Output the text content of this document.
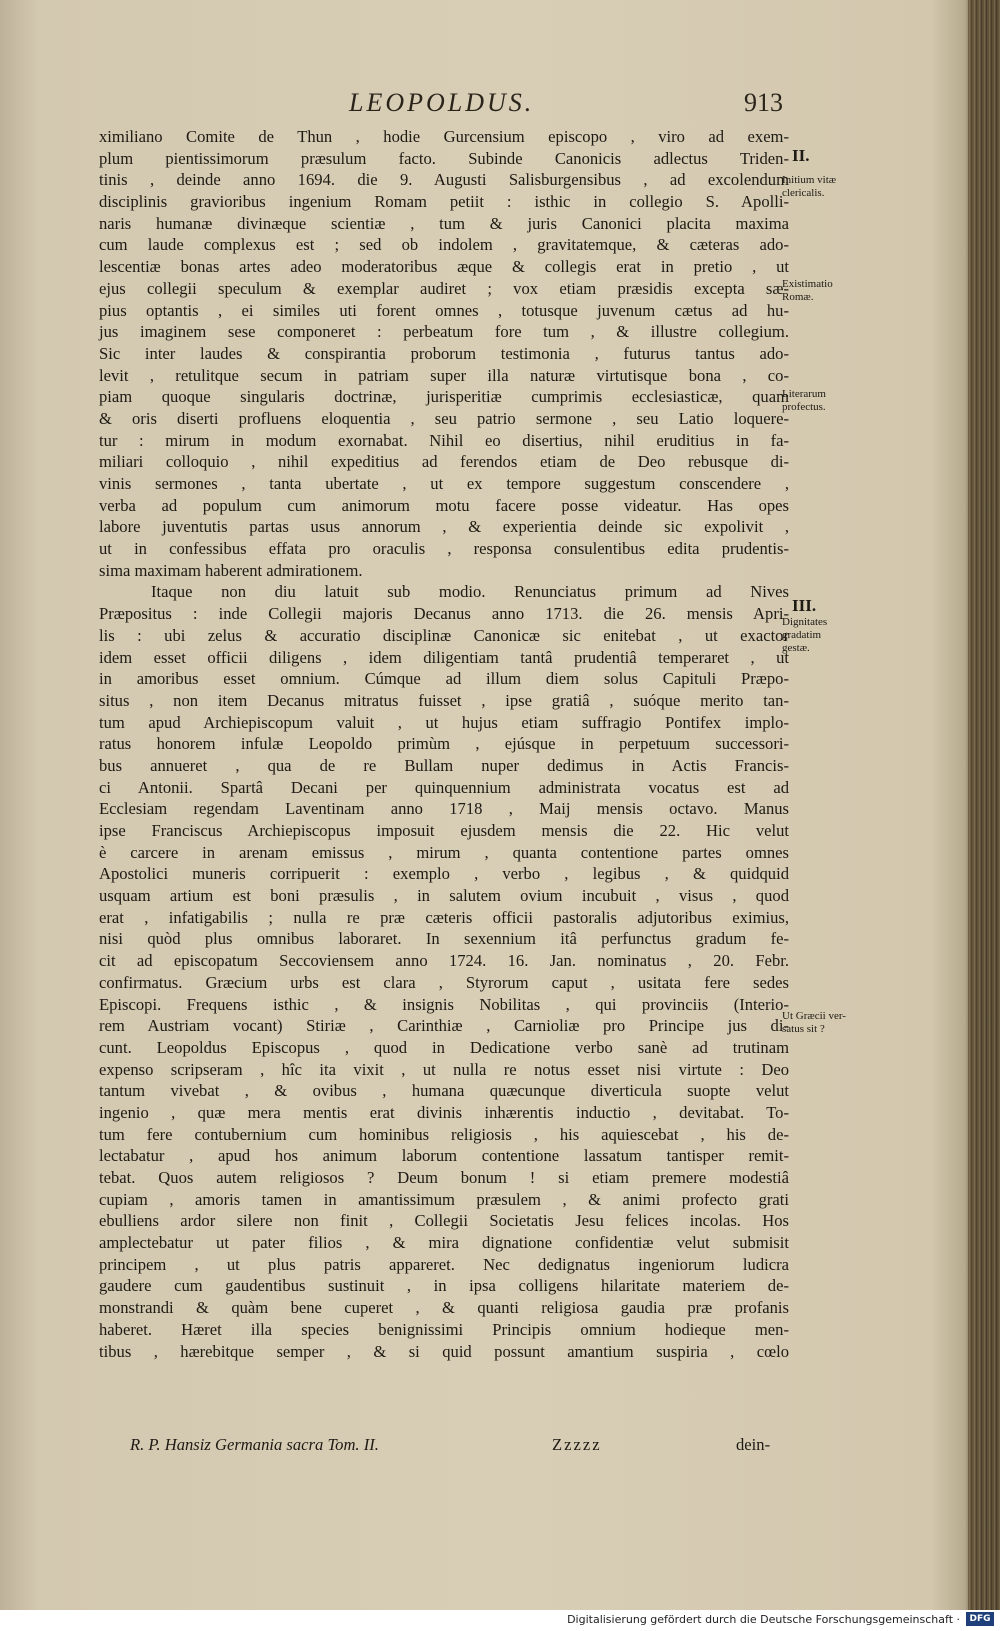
LEOPOLDUS.	913
ximiliano Comite de Thun , hodie Gurcensium episcopo , viro ad exem-
plum pientissimorum præsulum facto. Subinde Canonicis adlectus Triden-
tinis , deinde anno 1694. die 9. Augusti Salisburgensibus , ad excolendum
disciplinis gravioribus ingenium Romam petiit : isthic in collegio S. Apolli-
naris humanæ divinæque scientiæ , tum & juris Canonici placita maxima
cum laude complexus est ; sed ob indolem , gravitatemque, & cæteras ado-
lescentiæ bonas artes adeo moderatoribus æque & collegis erat in pretio , ut
ejus collegii speculum & exemplar audiret ; vox etiam præsidis excepta sæ-
pius optantis , ei similes uti forent omnes , totusque juvenum cætus ad hu-
jus imaginem sese componeret : perbeatum fore tum , & illustre collegium.
Sic inter laudes & conspirantia proborum testimonia , futurus tantus ado-
levit , retulitque secum in patriam super illa naturæ virtutisque bona , co-
piam quoque singularis doctrinæ, jurisperitiæ cumprimis ecclesiasticæ, quam
& oris diserti profluens eloquentia , seu patrio sermone , seu Latio loquere-
tur : mirum in modum exornabat. Nihil eo disertius, nihil eruditius in fa-
miliari colloquio , nihil expeditius ad ferendos etiam de Deo rebusque di-
vinis sermones , tanta ubertate , ut ex tempore suggestum conscendere ,
verba ad populum cum animorum motu facere posse videatur. Has opes
labore juventutis partas usus annorum , & experientia deinde sic expolivit ,
ut in confessibus effata pro oraculis , responsa consulentibus edita prudentis-
sima maximam haberent admirationem.
Itaque non diu latuit sub modio. Renunciatus primum ad Nives
Præpositus : inde Collegii majoris Decanus anno 1713. die 26. mensis Apri-
lis : ubi zelus & accuratio disciplinæ Canonicæ sic enitebat , ut exactor
idem esset officii diligens , idem diligentiam tantâ prudentiâ temperaret , ut
in amoribus esset omnium. Cúmque ad illum diem solus Capituli Præpo-
situs , non item Decanus mitratus fuisset , ipse gratiâ , suóque merito tan-
tum apud Archiepiscopum valuit , ut hujus etiam suffragio Pontifex implo-
ratus honorem infulæ Leopoldo primùm , ejúsque in perpetuum successori-
bus annueret , qua de re Bullam nuper dedimus in Actis Francis-
ci Antonii. Spartâ Decani per quinquennium administrata vocatus est ad
Ecclesiam regendam Laventinam anno 1718 , Maij mensis octavo. Manus
ipse Franciscus Archiepiscopus imposuit ejusdem mensis die 22. Hic velut
è carcere in arenam emissus , mirum , quanta contentione partes omnes
Apostolici muneris corripuerit : exemplo , verbo , legibus , & quidquid
usquam artium est boni præsulis , in salutem ovium incubuit , visus , quod
erat , infatigabilis ; nulla re præ cæteris officii pastoralis adjutoribus eximius,
nisi quòd plus omnibus laboraret. In sexennium itâ perfunctus gradum fe-
cit ad episcopatum Seccoviensem anno 1724. 16. Jan. nominatus , 20. Febr.
confirmatus. Græcium urbs est clara , Styrorum caput , usitata fere sedes
Episcopi. Frequens isthic , & insignis Nobilitas , qui provinciis (Interio-
rem Austriam vocant) Stiriæ , Carinthiæ , Carnioliæ pro Principe jus di-
cunt. Leopoldus Episcopus , quod in Dedicatione verbo sanè ad trutinam
expenso scripseram , hîc ita vixit , ut nulla re notus esset nisi virtute : Deo
tantum vivebat , & ovibus , humana quæcunque diverticula suopte velut
ingenio , quæ mera mentis erat divinis inhærentis inductio , devitabat. To-
tum fere contubernium cum hominibus religiosis , his aquiescebat , his de-
lectabatur , apud hos animum laborum contentione lassatum tantisper remit-
tebat. Quos autem religiosos ? Deum bonum ! si etiam premere modestiâ
cupiam , amoris tamen in amantissimum præsulem , & animi profecto grati
ebulliens ardor silere non finit , Collegii Societatis Jesu felices incolas. Hos
amplectebatur ut pater filios , & mira dignatione confidentiæ velut submisit
principem , ut plus patris appareret. Nec dedignatus ingeniorum ludicra
gaudere cum gaudentibus sustinuit , in ipsa colligens hilaritate materiem de-
monstrandi & quàm bene cuperet , & quanti religiosa gaudia præ profanis
haberet. Hæret illa species benignissimi Principis omnium hodieque men-
tibus , hærebitque semper , & si quid possunt amantium suspiria , cœlo
II.
Initium vitæ
clericalis.
Existimatio
Romæ.
Literarum
profectus.
III.
Dignitates
gradatim
gestæ.
Ut Græcii ver-
satus sit ?
R. P. Hansiz Germania sacra Tom. II.	Zzzzz	dein-
Digitalisierung gefördert durch die Deutsche Forschungsgemeinschaft ·	DFG
